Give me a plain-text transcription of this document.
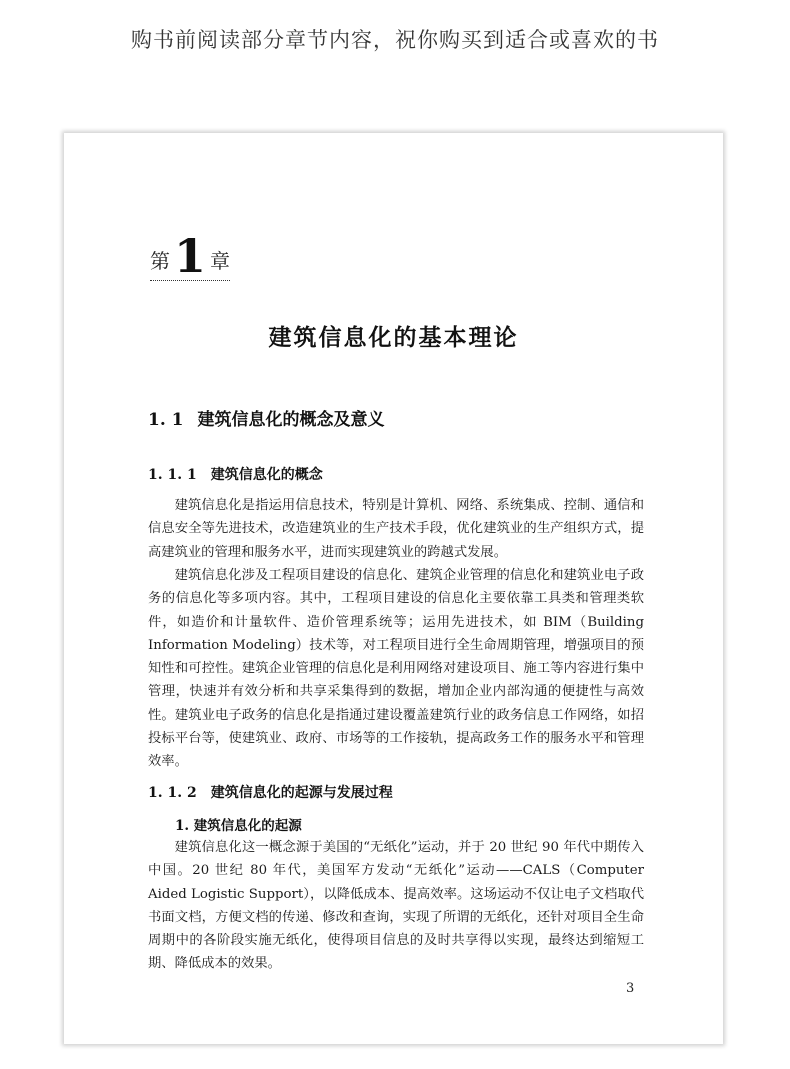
购书前阅读部分章节内容，祝你购买到适合或喜欢的书
第 1 章
建筑信息化的基本理论
1. 1 建筑信息化的概念及意义
1. 1. 1 建筑信息化的概念

建筑信息化是指运用信息技术，特别是计算机、网络、系统集成、控制、通信和信息安全等先进技术，改造建筑业的生产技术手段，优化建筑业的生产组织方式，提高建筑业的管理和服务水平，进而实现建筑业的跨越式发展。

建筑信息化涉及工程项目建设的信息化、建筑企业管理的信息化和建筑业电子政务的信息化等多项内容。其中，工程项目建设的信息化主要依靠工具类和管理类软件，如造价和计量软件、造价管理系统等；运用先进技术，如 BIM（Building Information Modeling）技术等，对工程项目进行全生命周期管理，增强项目的预知性和可控性。建筑企业管理的信息化是利用网络对建设项目、施工等内容进行集中管理，快速并有效分析和共享采集得到的数据，增加企业内部沟通的便捷性与高效性。建筑业电子政务的信息化是指通过建设覆盖建筑行业的政务信息工作网络，如招投标平台等，使建筑业、政府、市场等的工作接轨，提高政务工作的服务水平和管理效率。

1. 1. 2 建筑信息化的起源与发展过程
1. 建筑信息化的起源

建筑信息化这一概念源于美国的“无纸化”运动，并于 20 世纪 90 年代中期传入中国。20 世纪 80 年代，美国军方发动“无纸化”运动——CALS（Computer Aided Logistic Support），以降低成本、提高效率。这场运动不仅让电子文档取代书面文档，方便文档的传递、修改和查询，实现了所谓的无纸化，还针对项目全生命周期中的各阶段实施无纸化，使得项目信息的及时共享得以实现，最终达到缩短工期、降低成本的效果。

3
